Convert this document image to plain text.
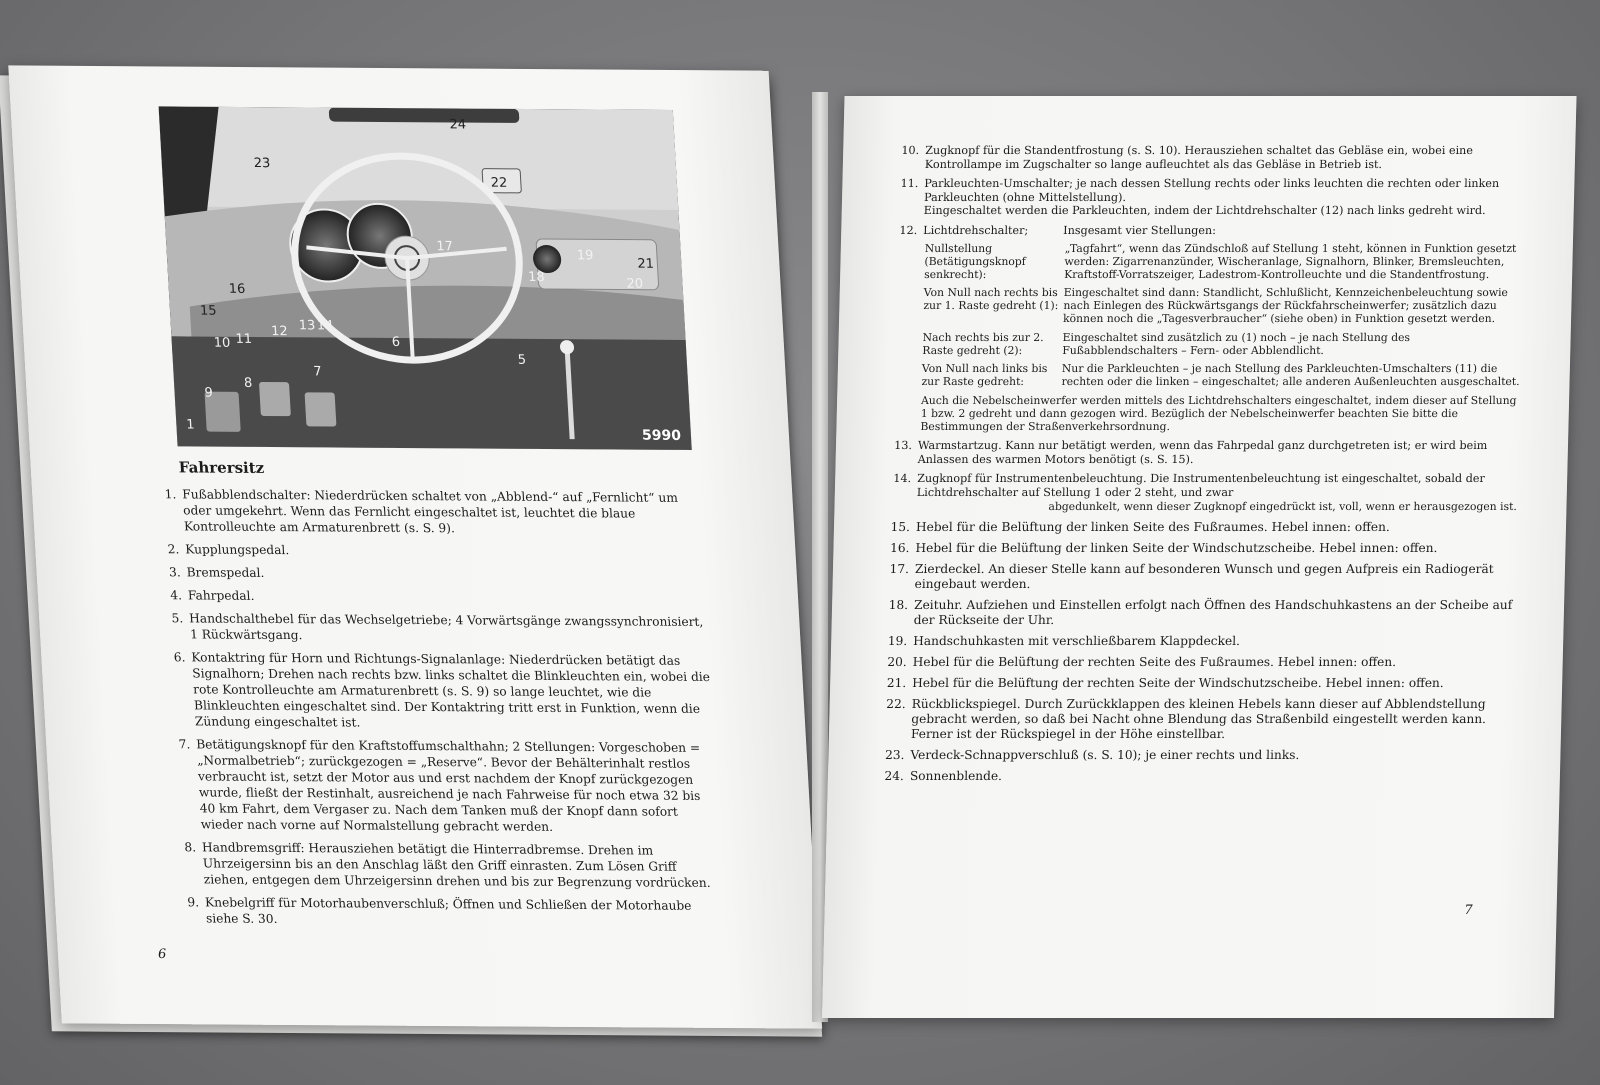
24
23
22
17
19
21
18	20
16
15
10 11
12 13 14
6
5
7
9
8
1
5990
Fahrersitz
1. Fußabblendschalter: Niederdrücken schaltet von „Abblend-“ auf „Fernlicht“ um oder umgekehrt. Wenn das Fernlicht eingeschaltet ist, leuchtet die blaue Kontrolleuchte am Armaturenbrett (s. S. 9).
2. Kupplungspedal.
3. Bremspedal.
4. Fahrpedal.
5. Handschalthebel für das Wechselgetriebe; 4 Vorwärtsgänge zwangssynchronisiert, 1 Rückwärtsgang.
6. Kontaktring für Horn und Richtungs-Signalanlage: Niederdrücken betätigt das Signalhorn; Drehen nach rechts bzw. links schaltet die Blinkleuchten ein, wobei die rote Kontrolleuchte am Armaturenbrett (s. S. 9) so lange leuchtet, wie die Blinkleuchten eingeschaltet sind. Der Kontaktring tritt erst in Funktion, wenn die Zündung eingeschaltet ist.
7. Betätigungsknopf für den Kraftstoffumschalthahn; 2 Stellungen: Vorgeschoben = „Normalbetrieb“; zurückgezogen = „Reserve“. Bevor der Behälterinhalt restlos verbraucht ist, setzt der Motor aus und erst nachdem der Knopf zurückgezogen wurde, fließt der Restinhalt, ausreichend je nach Fahrweise für noch etwa 32 bis 40 km Fahrt, dem Vergaser zu. Nach dem Tanken muß der Knopf dann sofort wieder nach vorne auf Normalstellung gebracht werden.
8. Handbremsgriff: Herausziehen betätigt die Hinterradbremse. Drehen im Uhrzeigersinn bis an den Anschlag läßt den Griff einrasten. Zum Lösen Griff ziehen, entgegen dem Uhrzeigersinn drehen und bis zur Begrenzung vordrücken.
9. Knebelgriff für Motorhaubenverschluß; Öffnen und Schließen der Motorhaube siehe S. 30.
6
10. Zugknopf für die Standentfrostung (s. S. 10). Herausziehen schaltet das Gebläse ein, wobei eine Kontrollampe im Zugschalter so lange aufleuchtet als das Gebläse in Betrieb ist.
11. Parkleuchten-Umschalter; je nach dessen Stellung rechts oder links leuchten die rechten oder linken Parkleuchten (ohne Mittelstellung).
Eingeschaltet werden die Parkleuchten, indem der Lichtdrehschalter (12) nach links gedreht wird.
12. Lichtdrehschalter;	Insgesamt vier Stellungen:
Nullstellung (Betätigungsknopf senkrecht):
„Tagfahrt“, wenn das Zündschloß auf Stellung 1 steht, können in Funktion gesetzt werden: Zigarrenanzünder, Wischeranlage, Signalhorn, Blinker, Bremsleuchten, Kraftstoff-Vorratszeiger, Ladestrom-Kontrolleuchte und die Standentfrostung.
Von Null nach rechts bis zur 1. Raste gedreht (1):
Eingeschaltet sind dann: Standlicht, Schlußlicht, Kennzeichenbeleuchtung sowie nach Einlegen des Rückwärtsgangs der Rückfahrscheinwerfer; zusätzlich dazu können noch die „Tagesverbraucher“ (siehe oben) in Funktion gesetzt werden.
Nach rechts bis zur 2. Raste gedreht (2):
Eingeschaltet sind zusätzlich zu (1) noch – je nach Stellung des Fußabblendschalters – Fern- oder Abblendlicht.
Von Null nach links bis zur Raste gedreht:
Nur die Parkleuchten – je nach Stellung des Parkleuchten-Umschalters (11) die rechten oder die linken – eingeschaltet; alle anderen Außenleuchten ausgeschaltet.
Auch die Nebelscheinwerfer werden mittels des Lichtdrehschalters eingeschaltet, indem dieser auf Stellung 1 bzw. 2 gedreht und dann gezogen wird. Bezüglich der Nebelscheinwerfer beachten Sie bitte die Bestimmungen der Straßenverkehrsordnung.
13. Warmstartzug. Kann nur betätigt werden, wenn das Fahrpedal ganz durchgetreten ist; er wird beim Anlassen des warmen Motors benötigt (s. S. 15).
14. Zugknopf für Instrumentenbeleuchtung. Die Instrumentenbeleuchtung ist eingeschaltet, sobald der Lichtdrehschalter auf Stellung 1 oder 2 steht, und zwar
abgedunkelt, wenn dieser Zugknopf eingedrückt ist, voll, wenn er herausgezogen ist.
15. Hebel für die Belüftung der linken Seite des Fußraumes. Hebel innen: offen.
16. Hebel für die Belüftung der linken Seite der Windschutzscheibe. Hebel innen: offen.
17. Zierdeckel. An dieser Stelle kann auf besonderen Wunsch und gegen Aufpreis ein Radiogerät eingebaut werden.
18. Zeituhr. Aufziehen und Einstellen erfolgt nach Öffnen des Handschuhkastens an der Scheibe auf der Rückseite der Uhr.
19. Handschuhkasten mit verschließbarem Klappdeckel.
20. Hebel für die Belüftung der rechten Seite des Fußraumes. Hebel innen: offen.
21. Hebel für die Belüftung der rechten Seite der Windschutzscheibe. Hebel innen: offen.
22. Rückblickspiegel. Durch Zurückklappen des kleinen Hebels kann dieser auf Abblendstellung gebracht werden, so daß bei Nacht ohne Blendung das Straßenbild eingestellt werden kann. Ferner ist der Rückspiegel in der Höhe einstellbar.
23. Verdeck-Schnappverschluß (s. S. 10); je einer rechts und links.
24. Sonnenblende.
7
